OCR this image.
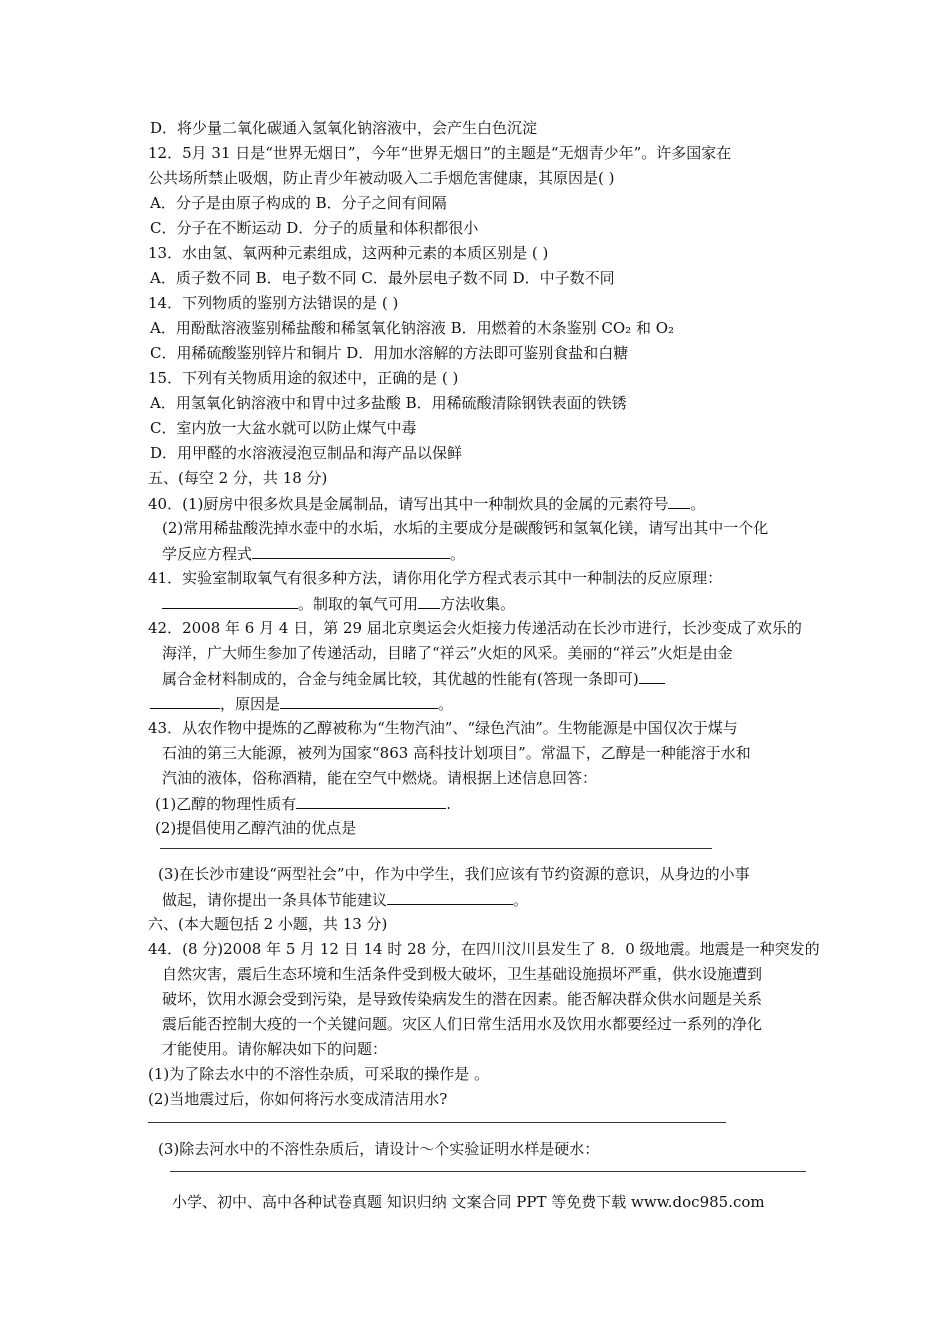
D．将少量二氧化碳通入氢氧化钠溶液中，会产生白色沉淀
12．5月 31 日是“世界无烟日”，今年“世界无烟日”的主题是“无烟青少年”。许多国家在
公共场所禁止吸烟，防止青少年被动吸入二手烟危害健康，其原因是( )
A．分子是由原子构成的 B．分子之间有间隔
C．分子在不断运动 D．分子的质量和体积都很小
13．水由氢、氧两种元素组成，这两种元素的本质区别是 ( )
A．质子数不同 B．电子数不同 C．最外层电子数不同 D．中子数不同
14．下列物质的鉴别方法错误的是 ( )
A．用酚酞溶液鉴别稀盐酸和稀氢氧化钠溶液 B．用燃着的木条鉴别 CO₂ 和 O₂
C．用稀硫酸鉴别锌片和铜片 D．用加水溶解的方法即可鉴别食盐和白糖
15．下列有关物质用途的叙述中，正确的是 ( )
A．用氢氧化钠溶液中和胃中过多盐酸 B．用稀硫酸清除钢铁表面的铁锈
C．室内放一大盆水就可以防止煤气中毒
D．用甲醛的水溶液浸泡豆制品和海产品以保鲜
五、(每空 2 分，共 18 分)
40．(1)厨房中很多炊具是金属制品，请写出其中一种制炊具的金属的元素符号 。
(2)常用稀盐酸洗掉水壶中的水垢，水垢的主要成分是碳酸钙和氢氧化镁，请写出其中一个化
学反应方程式	。
41．实验室制取氧气有很多种方法，请你用化学方程式表示其中一种制法的反应原理：
。制取的氧气可用 方法收集。
42．2008 年 6 月 4 日，第 29 届北京奥运会火炬接力传递活动在长沙市进行，长沙变成了欢乐的
海洋，广大师生参加了传递活动，目睹了“祥云”火炬的风采。美丽的“祥云”火炬是由金
属合金材料制成的，合金与纯金属比较，其优越的性能有(答现一条即可)
，原因是	。
43．从农作物中提炼的乙醇被称为“生物汽油”、“绿色汽油”。生物能源是中国仅次于煤与
石油的第三大能源，被列为国家“863 高科技计划项目”。常温下，乙醇是一种能溶于水和
汽油的液体，俗称酒精，能在空气中燃烧。请根据上述信息回答：
(1)乙醇的物理性质有	.
(2)提倡使用乙醇汽油的优点是
(3)在长沙市建设“两型社会”中，作为中学生，我们应该有节约资源的意识，从身边的小事
做起，请你提出一条具体节能建议	。
六、(本大题包括 2 小题，共 13 分)
44．(8 分)2008 年 5 月 12 日 14 时 28 分，在四川汶川县发生了 8．0 级地震。地震是一种突发的
自然灾害，震后生态环境和生活条件受到极大破坏，卫生基础设施损坏严重，供水设施遭到
破坏，饮用水源会受到污染，是导致传染病发生的潜在因素。能否解决群众供水问题是关系
震后能否控制大疫的一个关键问题。灾区人们日常生活用水及饮用水都要经过一系列的净化
才能使用。请你解决如下的问题：
(1)为了除去水中的不溶性杂质，可采取的操作是 。
(2)当地震过后，你如何将污水变成清洁用水?
(3)除去河水中的不溶性杂质后，请设计～个实验证明水样是硬水：
小学、初中、高中各种试卷真题 知识归纳 文案合同 PPT 等免费下载 www.doc985.com
